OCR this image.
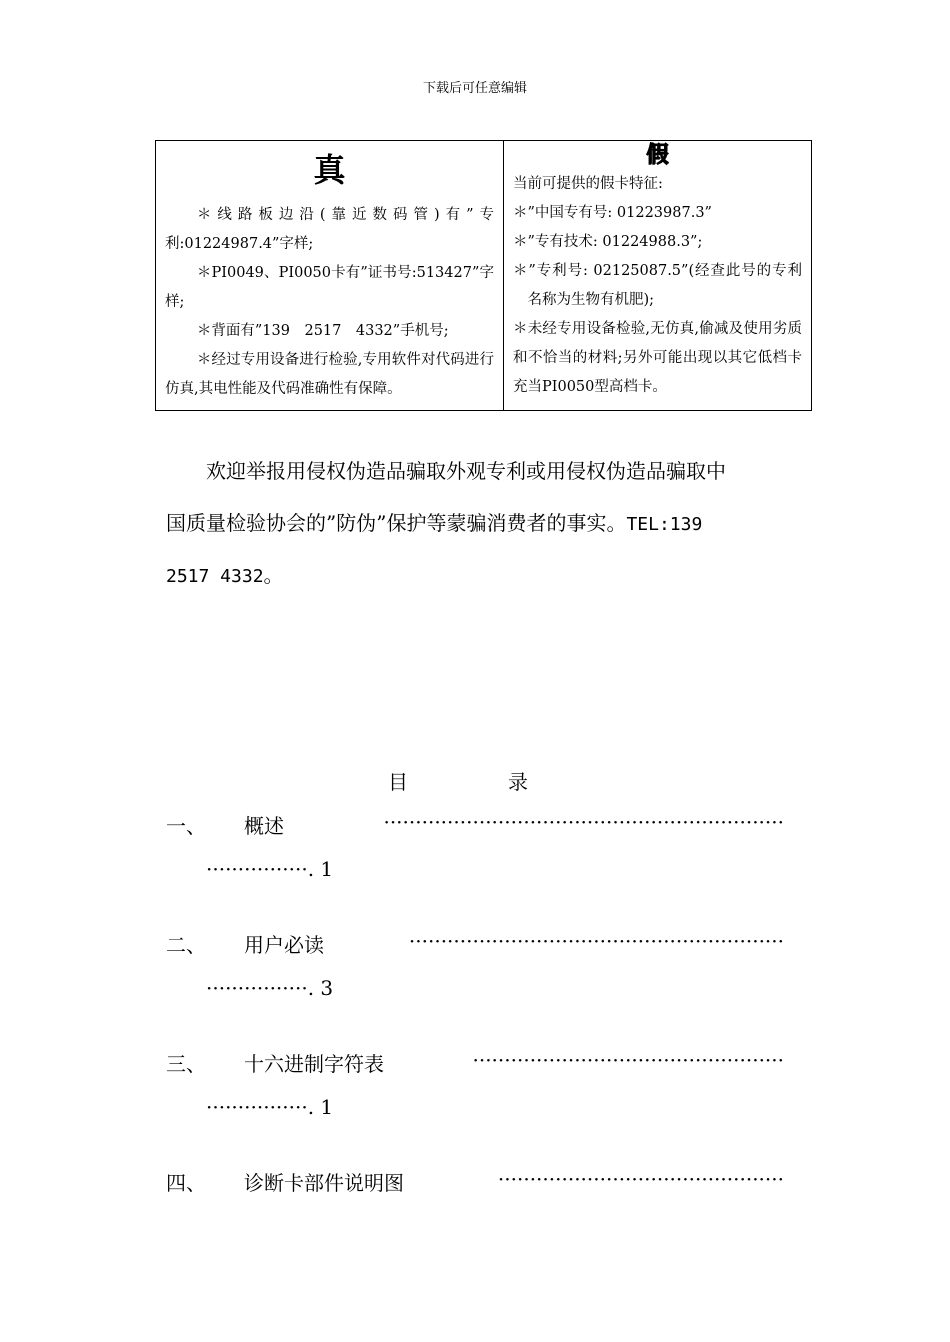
下载后可任意编辑
真
＊线路板边沿(靠近数码管)有”专利:01224987.4”字样;
＊PI0049、PI0050卡有”证书号:513427”字样;
＊背面有”139　2517　4332”手机号;
＊经过专用设备进行检验,专用软件对代码进行仿真,其电性能及代码准确性有保障。

假
当前可提供的假卡特征:
＊”中国专有号: 01223987.3”
＊”专有技术: 01224988.3”;
＊”专利号: 02125087.5”(经查此号的专利名称为生物有机肥);
＊未经专用设备检验,无仿真,偷减及使用劣质和不恰当的材料;另外可能出现以其它低档卡充当PI0050型高档卡。
欢迎举报用侵权伪造品骗取外观专利或用侵权伪造品骗取中
国质量检验协会的”防伪”保护等蒙骗消费者的事实。TEL:139
2517 4332。
目	录
一、 概述	·······························································
················. 1
二、 用户必读	···························································
················. 3
三、 十六进制字符表	·················································
················. 1
四、 诊断卡部件说明图	·············································
